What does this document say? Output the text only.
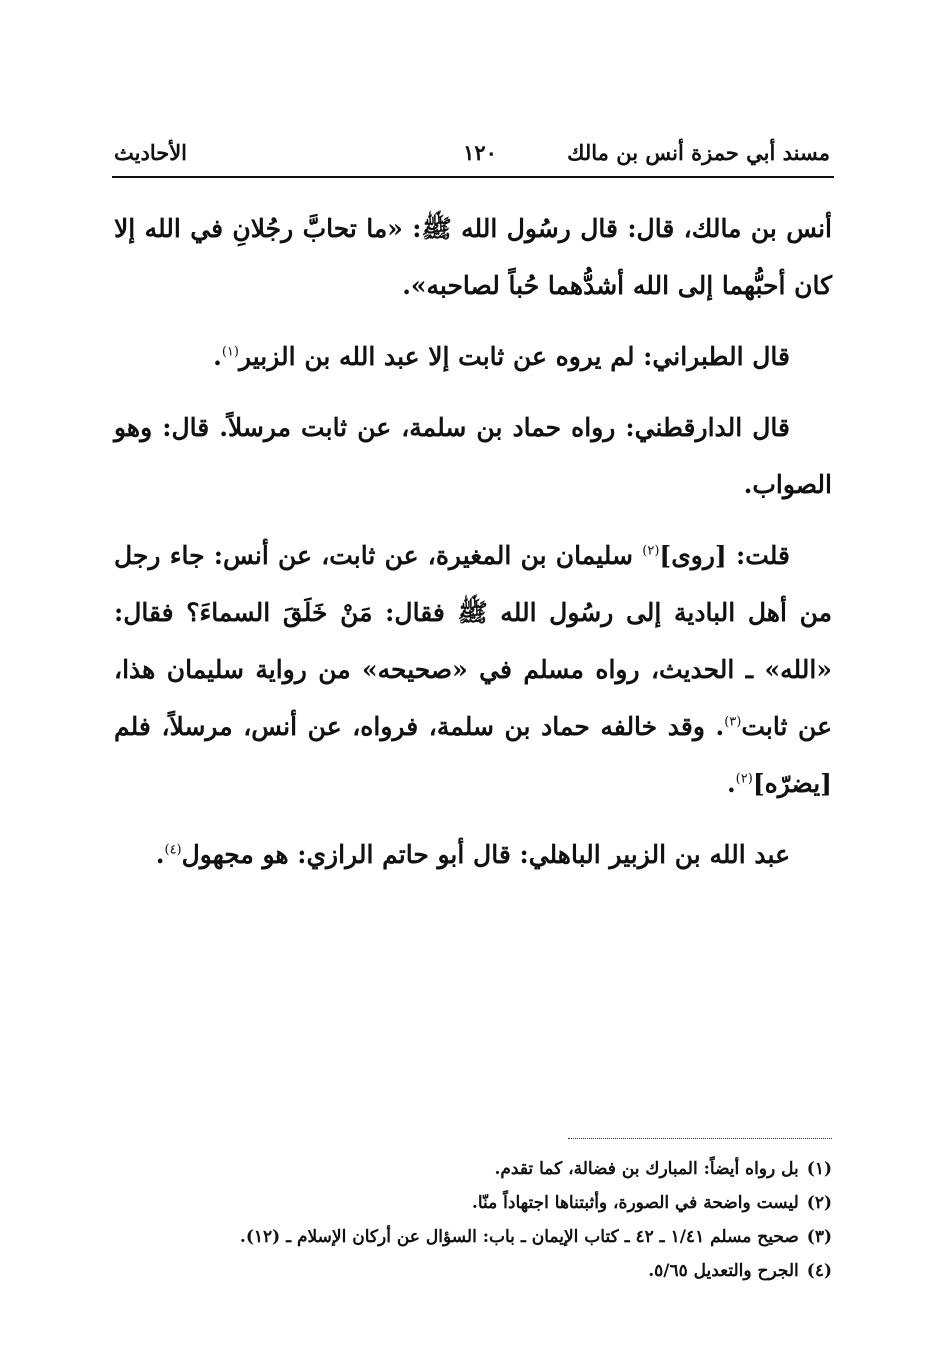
مسند أبي حمزة أنس بن مالك
١٢٠
الأحاديث

أنس بن مالك، قال: قال رسُول الله ﷺ: «ما تحابَّ رجُلانِ في الله إلا كان أحبُّهما إلى الله أشدُّهما حُباً لصاحبه».

قال الطبراني: لم يروه عن ثابت إلا عبد الله بن الزبير$^{(١)}$.

قال الدارقطني: رواه حماد بن سلمة، عن ثابت مرسلاً. قال: وهو الصواب.

قلت: [روى]$^{(٢)}$ سليمان بن المغيرة، عن ثابت، عن أنس: جاء رجل من أهل البادية إلى رسُول الله ﷺ فقال: مَنْ خَلَقَ السماءَ؟ فقال: «الله» ـ الحديث، رواه مسلم في «صحيحه» من رواية سليمان هذا، عن ثابت$^{(٣)}$. وقد خالفه حماد بن سلمة، فرواه، عن أنس، مرسلاً، فلم [يضرّه]$^{(٢)}$.

عبد الله بن الزبير الباهلي: قال أبو حاتم الرازي: هو مجهول$^{(٤)}$.

(١)بل رواه أيضاً: المبارك بن فضالة، كما تقدم.

(٢)ليست واضحة في الصورة، وأثبتناها اجتهاداً منّا.

(٣)صحيح مسلم ١/٤١ ـ ٤٢ ـ كتاب الإيمان ـ باب: السؤال عن أركان الإسلام ـ (١٢).

(٤)الجرح والتعديل ٥/٦٥.
